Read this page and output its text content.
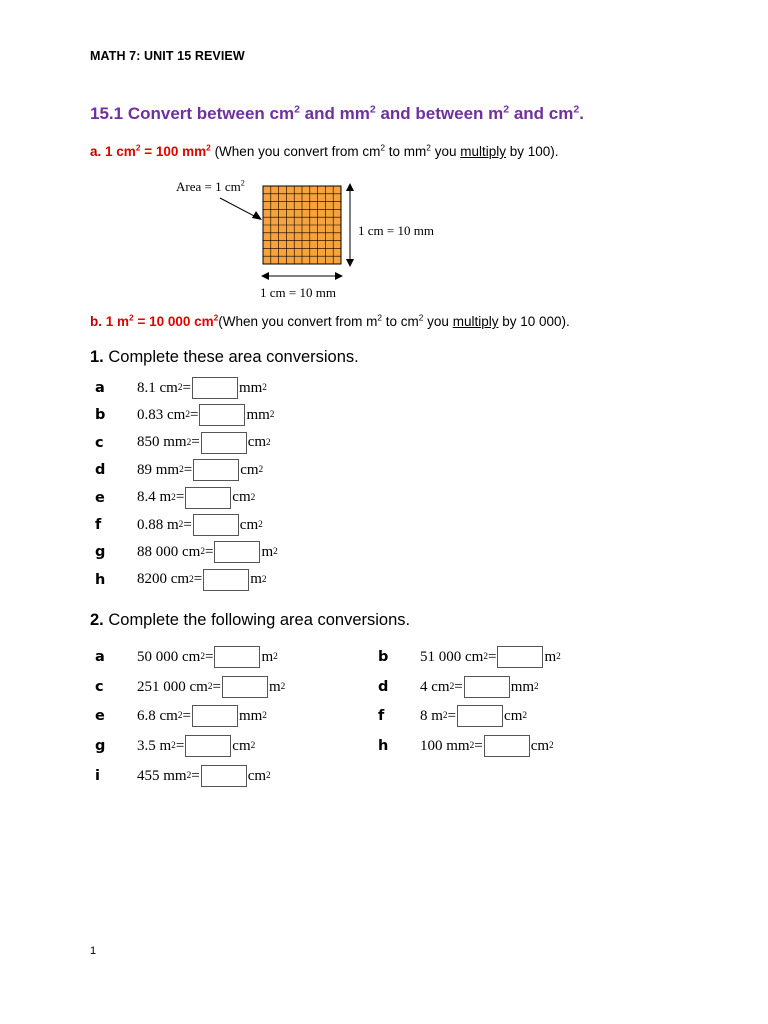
MATH 7: UNIT 15 REVIEW
15.1 Convert between $cm^2$ and $mm^2$ and between $m^2$ and $cm^2$.
a. 1 $cm^2 = 100$ $mm^2$ (When you convert from $cm^2$ to $mm^2$ you multiply by 100).
Area = 1 $cm^2$
1 cm = 10 mm
1 cm = 10 mm
b. 1 $m^2 = 10$ 000 $cm^2(When$ you convert from $m^2$ to $cm^2$ you multiply by 10 000).
1. Complete these area conversions.
a	8.1 cm 2 =	mm 2
b	0.83 cm 2 =	mm 2
c	850 mm 2 =	cm 2
d	89 mm 2 =	cm 2
e	8.4 m 2 =	cm 2
f	0.88 m 2 =	cm 2
g	88 000 cm 2 =	m 2
h	8200 cm 2 =	m 2
2. Complete the following area conversions.
a	50 000 cm 2 =	m 2	b	51 000 cm 2 =	m 2
c	251 000 cm 2 =	m 2	d	4 cm 2 =	mm 2
e	6.8 cm 2 =	mm 2	f	8 m 2 =	cm 2
g	3.5 m 2 =	cm 2	h	100 mm 2 =	cm 2
i	455 mm 2 =	cm 2
1
